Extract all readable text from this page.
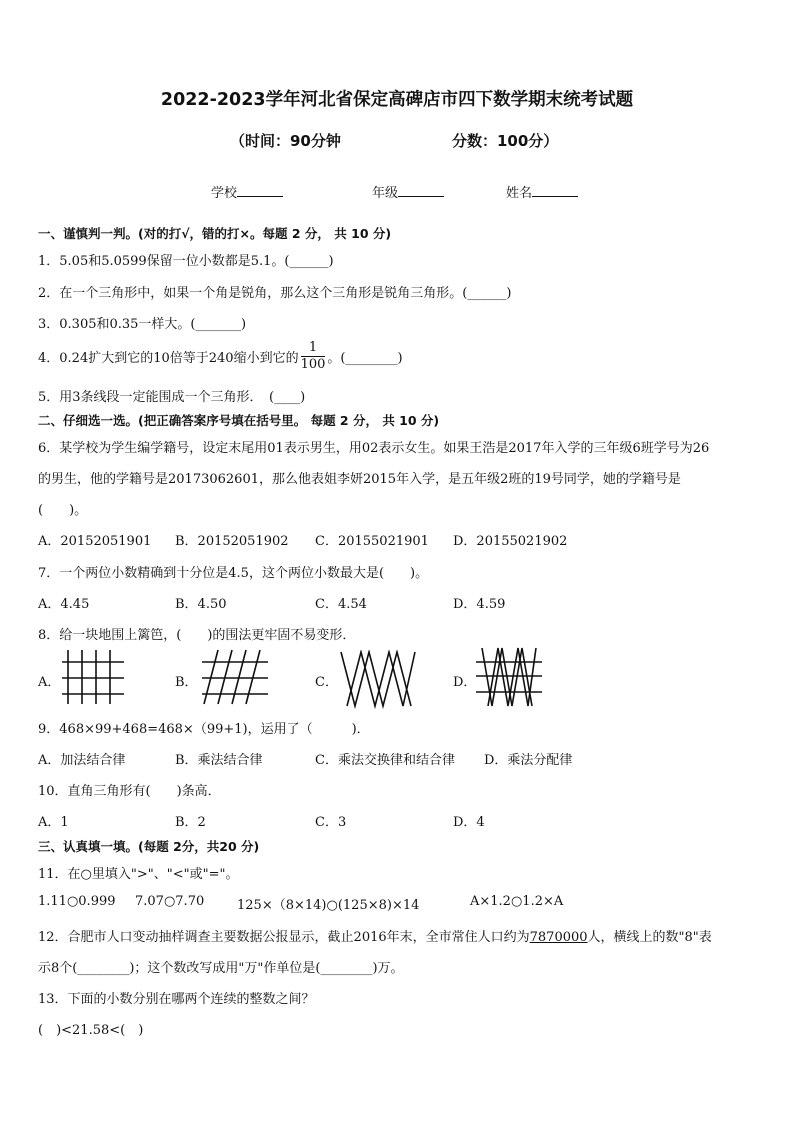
2022-2023学年河北省保定高碑店市四下数学期末统考试题
（时间：90分钟	分数：100分）
学校	年级	姓名
一、谨慎判一判。(对的打√，错的打×。每题 2 分， 共 10 分)
1．5.05和5.0599保留一位小数都是5.1。(______)
2．在一个三角形中，如果一个角是锐角，那么这个三角形是锐角三角形。(______)
3．0.305和0.35一样大。(_______)
4．0.24扩大到它的10倍等于240缩小到它的 $\frac{1}{100}$ 。(________)
5．用3条线段一定能围成一个三角形．　(____)
二、仔细选一选。(把正确答案序号填在括号里。 每题 2 分， 共 10 分)
6．某学校为学生编学籍号，设定末尾用01表示男生，用02表示女生。如果王浩是2017年入学的三年级6班学号为26
的男生，他的学籍号是20173062601，那么他表姐李妍2015年入学，是五年级2班的19号同学，她的学籍号是
(　　)。
A．20152051901 B．20152051902 C．20155021901 D．20155021902
7．一个两位小数精确到十分位是4.5，这个两位小数最大是(　　)。
A．4.45	B．4.50	C．4.54	D．4.59
8．给一块地围上篱笆，(　　)的围法更牢固不易变形．
A．	B．	C．	D．
9．468×99+468=468×（99+1)，运用了（　　　)．
A．加法结合律	B．乘法结合律	C．乘法交换律和结合律 D．乘法分配律
10．直角三角形有(　　)条高．
A．1	B．2	C．3	D．4
三、认真填一填。(每题 2分，共20 分)
11．在○里填入">"、"<"或"="。
1.11○0.999 7.07○7.70	125×（8×14)○(125×8)×14	A×1.2○1.2×A
12．合肥市人口变动抽样调查主要数据公报显示，截止2016年末，全市常住人口约为7870000人，横线上的数"8"表
示8个(________)；这个数改写成用"万"作单位是(________)万。
13．下面的小数分别在哪两个连续的整数之间？
(　)<21.58<(　)
